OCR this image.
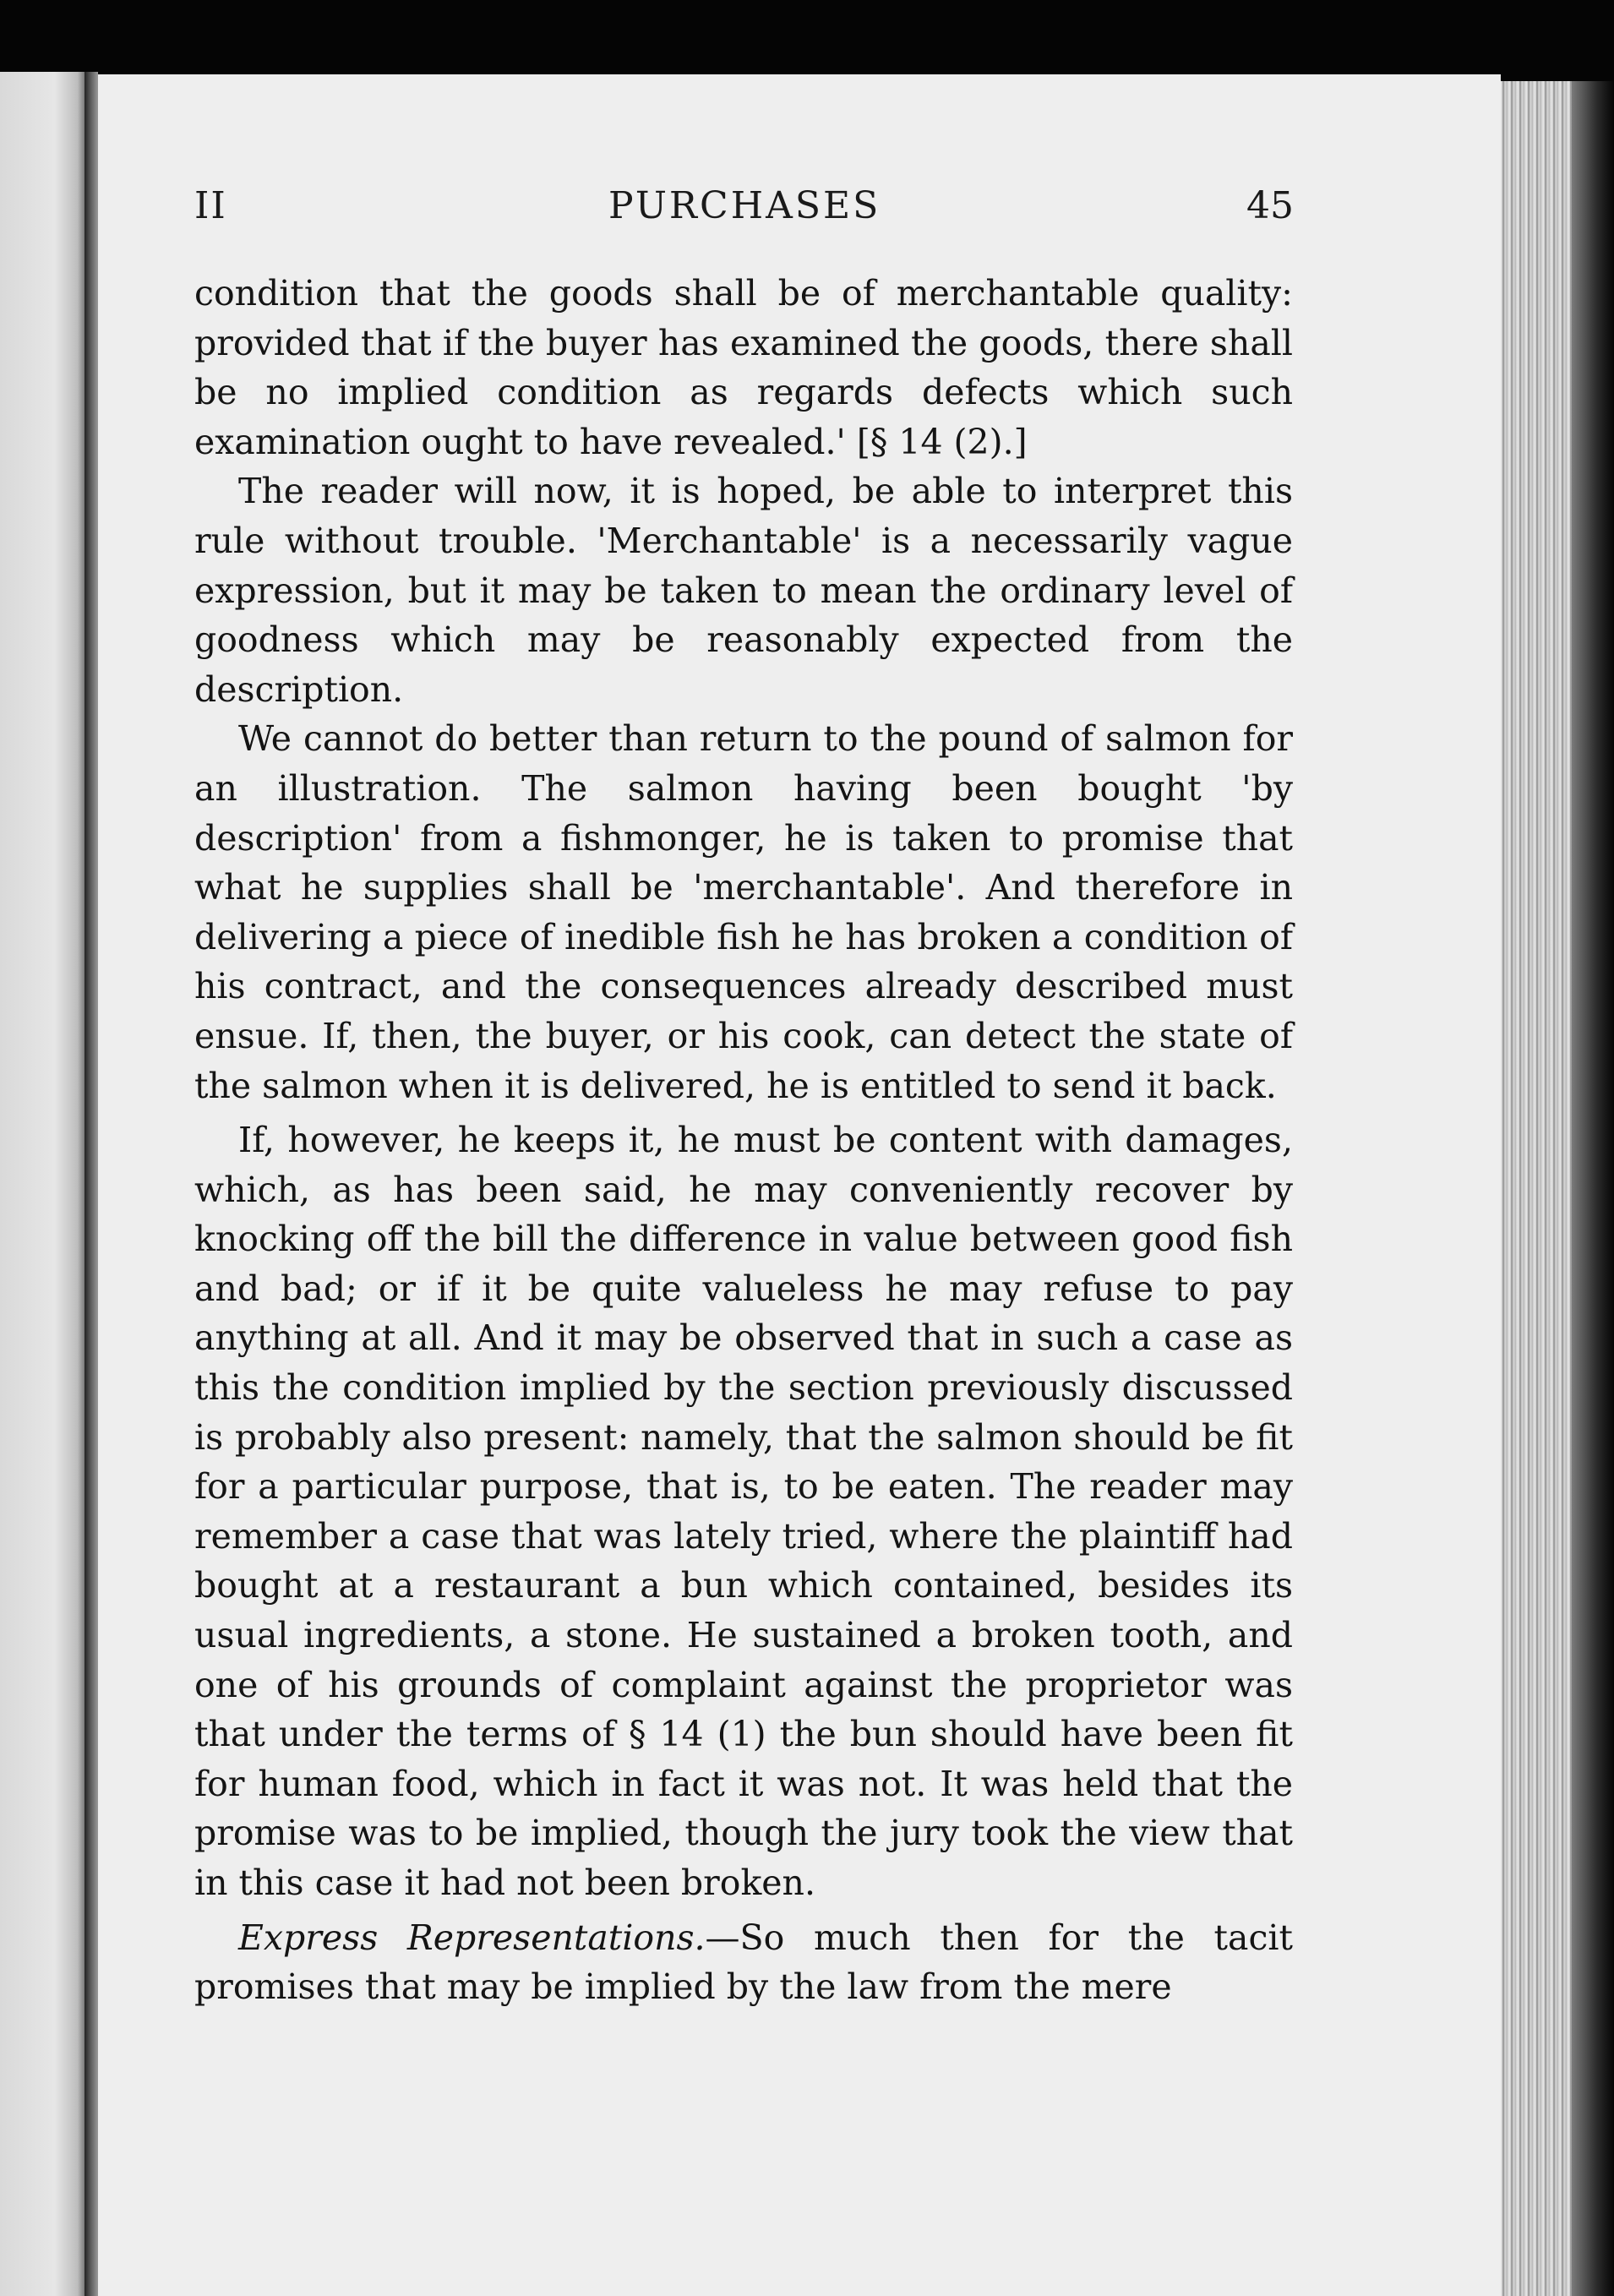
II	PURCHASES	45

condition that the goods shall be of merchantable quality: provided that if the buyer has examined the goods, there shall be no implied condition as regards defects which such examination ought to have revealed.' [§ 14 (2).]

The reader will now, it is hoped, be able to interpret this rule without trouble. 'Merchantable' is a necessarily vague expression, but it may be taken to mean the ordinary level of goodness which may be reasonably expected from the description.

We cannot do better than return to the pound of salmon for an illustration. The salmon having been bought 'by description' from a fishmonger, he is taken to promise that what he supplies shall be 'merchantable'. And therefore in delivering a piece of inedible fish he has broken a condition of his contract, and the consequences already described must ensue. If, then, the buyer, or his cook, can detect the state of the salmon when it is delivered, he is entitled to send it back.

If, however, he keeps it, he must be content with damages, which, as has been said, he may conveniently recover by knocking off the bill the difference in value between good fish and bad; or if it be quite valueless he may refuse to pay anything at all. And it may be observed that in such a case as this the condition implied by the section previously discussed is probably also present: namely, that the salmon should be fit for a particular purpose, that is, to be eaten. The reader may remember a case that was lately tried, where the plaintiff had bought at a restaurant a bun which contained, besides its usual ingredients, a stone. He sustained a broken tooth, and one of his grounds of complaint against the proprietor was that under the terms of § 14 (1) the bun should have been fit for human food, which in fact it was not. It was held that the promise was to be implied, though the jury took the view that in this case it had not been broken.

Express Representations.—So much then for the tacit promises that may be implied by the law from the mere
